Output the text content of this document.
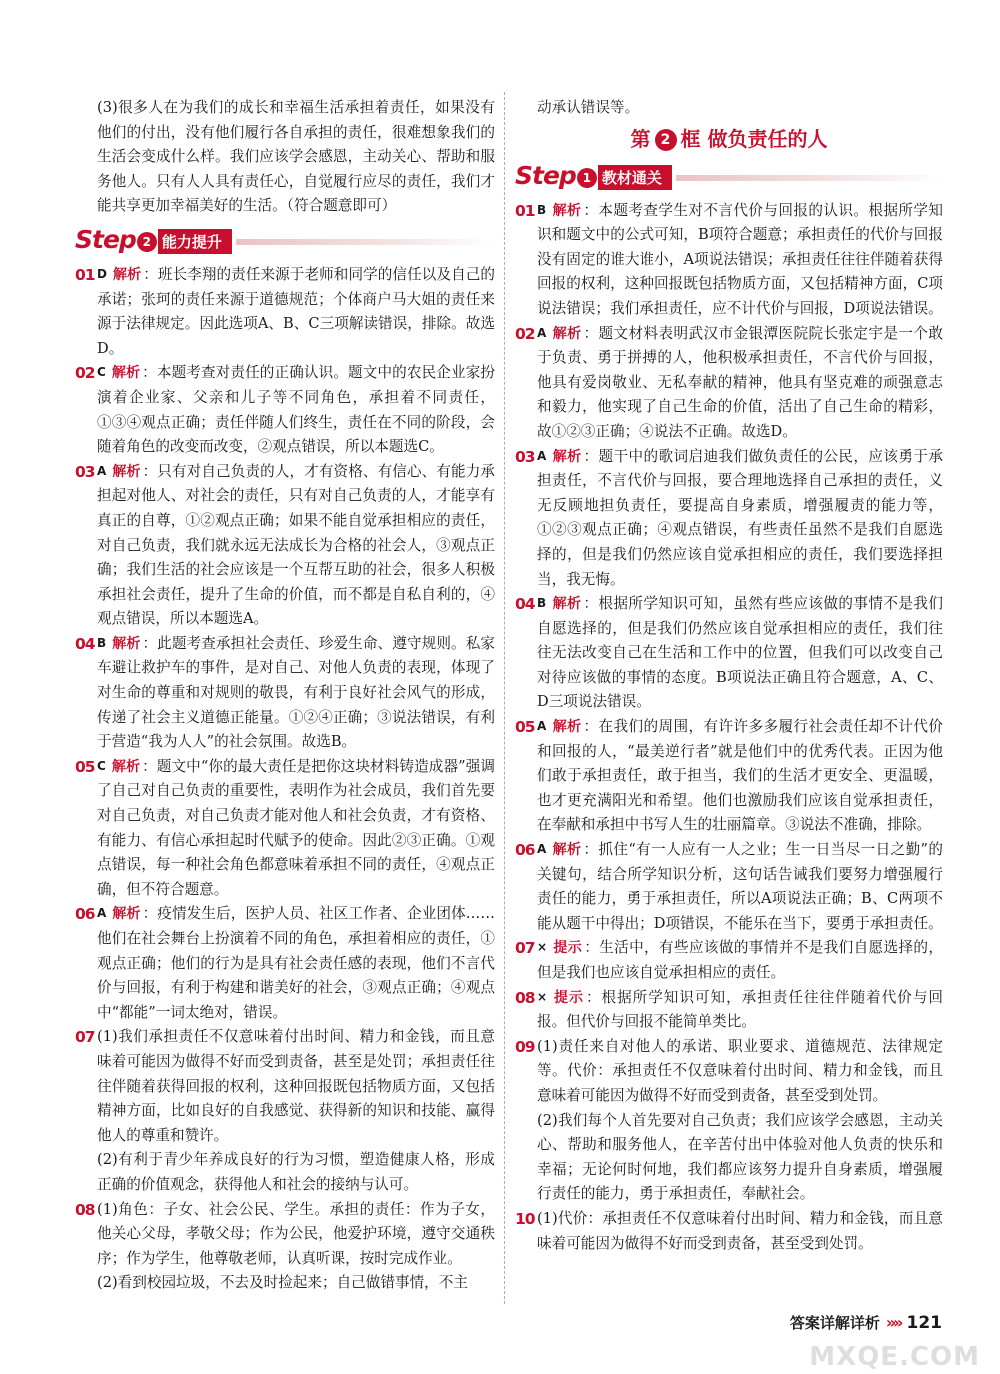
(3)很多人在为我们的成长和幸福生活承担着责任，如果没有他们的付出，没有他们履行各自承担的责任，很难想象我们的生活会变成什么样。我们应该学会感恩，主动关心、帮助和服务他人。只有人人具有责任心，自觉履行应尽的责任，我们才能共享更加幸福美好的生活。（符合题意即可）

Step 2 能力提升

01 D 解析 ：班长李翔的责任来源于老师和同学的信任以及自己的承诺；张珂的责任来源于道德规范；个体商户马大姐的责任来源于法律规定。因此选项A、B、C三项解读错误，排除。故选D。

02 C 解析 ：本题考查对责任的正确认识。题文中的农民企业家扮演着企业家、父亲和儿子等不同角色，承担着不同责任，①③④观点正确；责任伴随人们终生，责任在不同的阶段，会随着角色的改变而改变，②观点错误，所以本题选C。

03 A 解析 ：只有对自己负责的人，才有资格、有信心、有能力承担起对他人、对社会的责任，只有对自己负责的人，才能享有真正的自尊，①②观点正确；如果不能自觉承担相应的责任，对自己负责，我们就永远无法成长为合格的社会人，③观点正确；我们生活的社会应该是一个互帮互助的社会，很多人积极承担社会责任，提升了生命的价值，而不都是自私自利的，④观点错误，所以本题选A。

04 B 解析 ：此题考查承担社会责任、珍爱生命、遵守规则。私家车避让救护车的事件，是对自己、对他人负责的表现，体现了对生命的尊重和对规则的敬畏，有利于良好社会风气的形成，传递了社会主义道德正能量。①②④正确；③说法错误，有利于营造“我为人人”的社会氛围。故选B。

05 C 解析 ：题文中“你的最大责任是把你这块材料铸造成器”强调了自己对自己负责的重要性，表明作为社会成员，我们首先要对自己负责，对自己负责才能对他人和社会负责，才有资格、有能力、有信心承担起时代赋予的使命。因此②③正确。①观点错误，每一种社会角色都意味着承担不同的责任，④观点正确，但不符合题意。

06 A 解析 ：疫情发生后，医护人员、社区工作者、企业团体……他们在社会舞台上扮演着不同的角色，承担着相应的责任，①观点正确；他们的行为是具有社会责任感的表现，他们不言代价与回报，有利于构建和谐美好的社会，③观点正确；④观点中“都能”一词太绝对，错误。

07 (1)我们承担责任不仅意味着付出时间、精力和金钱，而且意味着可能因为做得不好而受到责备，甚至是处罚；承担责任往往伴随着获得回报的权利，这种回报既包括物质方面，又包括精神方面，比如良好的自我感觉、获得新的知识和技能、赢得他人的尊重和赞许。

(2)有利于青少年养成良好的行为习惯，塑造健康人格，形成正确的价值观念，获得他人和社会的接纳与认可。

08 (1)角色：子女、社会公民、学生。承担的责任：作为子女，他关心父母，孝敬父母；作为公民，他爱护环境，遵守交通秩序；作为学生，他尊敬老师，认真听课，按时完成作业。

(2)看到校园垃圾，不去及时捡起来；自己做错事情，不主

动承认错误等。

第 2 框 做负责任的人
Step 1 教材通关

01 B 解析 ：本题考查学生对不言代价与回报的认识。根据所学知识和题文中的公式可知，B项符合题意；承担责任的代价与回报没有固定的谁大谁小，A项说法错误；承担责任往往伴随着获得回报的权利，这种回报既包括物质方面，又包括精神方面，C项说法错误；我们承担责任，应不计代价与回报，D项说法错误。

02 A 解析 ：题文材料表明武汉市金银潭医院院长张定宇是一个敢于负责、勇于拼搏的人，他积极承担责任，不言代价与回报，他具有爱岗敬业、无私奉献的精神，他具有坚克难的顽强意志和毅力，他实现了自己生命的价值，活出了自己生命的精彩，故①②③正确；④说法不正确。故选D。

03 A 解析 ：题干中的歌词启迪我们做负责任的公民，应该勇于承担责任，不言代价与回报，要合理地选择自己承担的责任，义无反顾地担负责任，要提高自身素质，增强履责的能力等，①②③观点正确；④观点错误，有些责任虽然不是我们自愿选择的，但是我们仍然应该自觉承担相应的责任，我们要选择担当，我无悔。

04 B 解析 ：根据所学知识可知，虽然有些应该做的事情不是我们自愿选择的，但是我们仍然应该自觉承担相应的责任，我们往往无法改变自己在生活和工作中的位置，但我们可以改变自己对待应该做的事情的态度。B项说法正确且符合题意，A、C、D三项说法错误。

05 A 解析 ：在我们的周围，有许许多多履行社会责任却不计代价和回报的人，“最美逆行者”就是他们中的优秀代表。正因为他们敢于承担责任，敢于担当，我们的生活才更安全、更温暖，也才更充满阳光和希望。他们也激励我们应该自觉承担责任，在奉献和承担中书写人生的壮丽篇章。③说法不准确，排除。

06 A 解析 ：抓住“有一人应有一人之业；生一日当尽一日之勤”的关键句，结合所学知识分析，这句话告诫我们要努力增强履行责任的能力，勇于承担责任，所以A项说法正确；B、C两项不能从题干中得出；D项错误，不能乐在当下，要勇于承担责任。

07 × 提示 ：生活中，有些应该做的事情并不是我们自愿选择的，但是我们也应该自觉承担相应的责任。

08 × 提示 ：根据所学知识可知，承担责任往往伴随着代价与回报。但代价与回报不能简单类比。

09 (1)责任来自对他人的承诺、职业要求、道德规范、法律规定等。代价：承担责任不仅意味着付出时间、精力和金钱，而且意味着可能因为做得不好而受到责备，甚至受到处罚。

(2)我们每个人首先要对自己负责；我们应该学会感恩，主动关心、帮助和服务他人，在辛苦付出中体验对他人负责的快乐和幸福；无论何时何地，我们都应该努力提升自身素质，增强履行责任的能力，勇于承担责任，奉献社会。

10 (1)代价：承担责任不仅意味着付出时间、精力和金钱，而且意味着可能因为做得不好而受到责备，甚至受到处罚。

答案详解详析 »» 121
MXQE.COM
